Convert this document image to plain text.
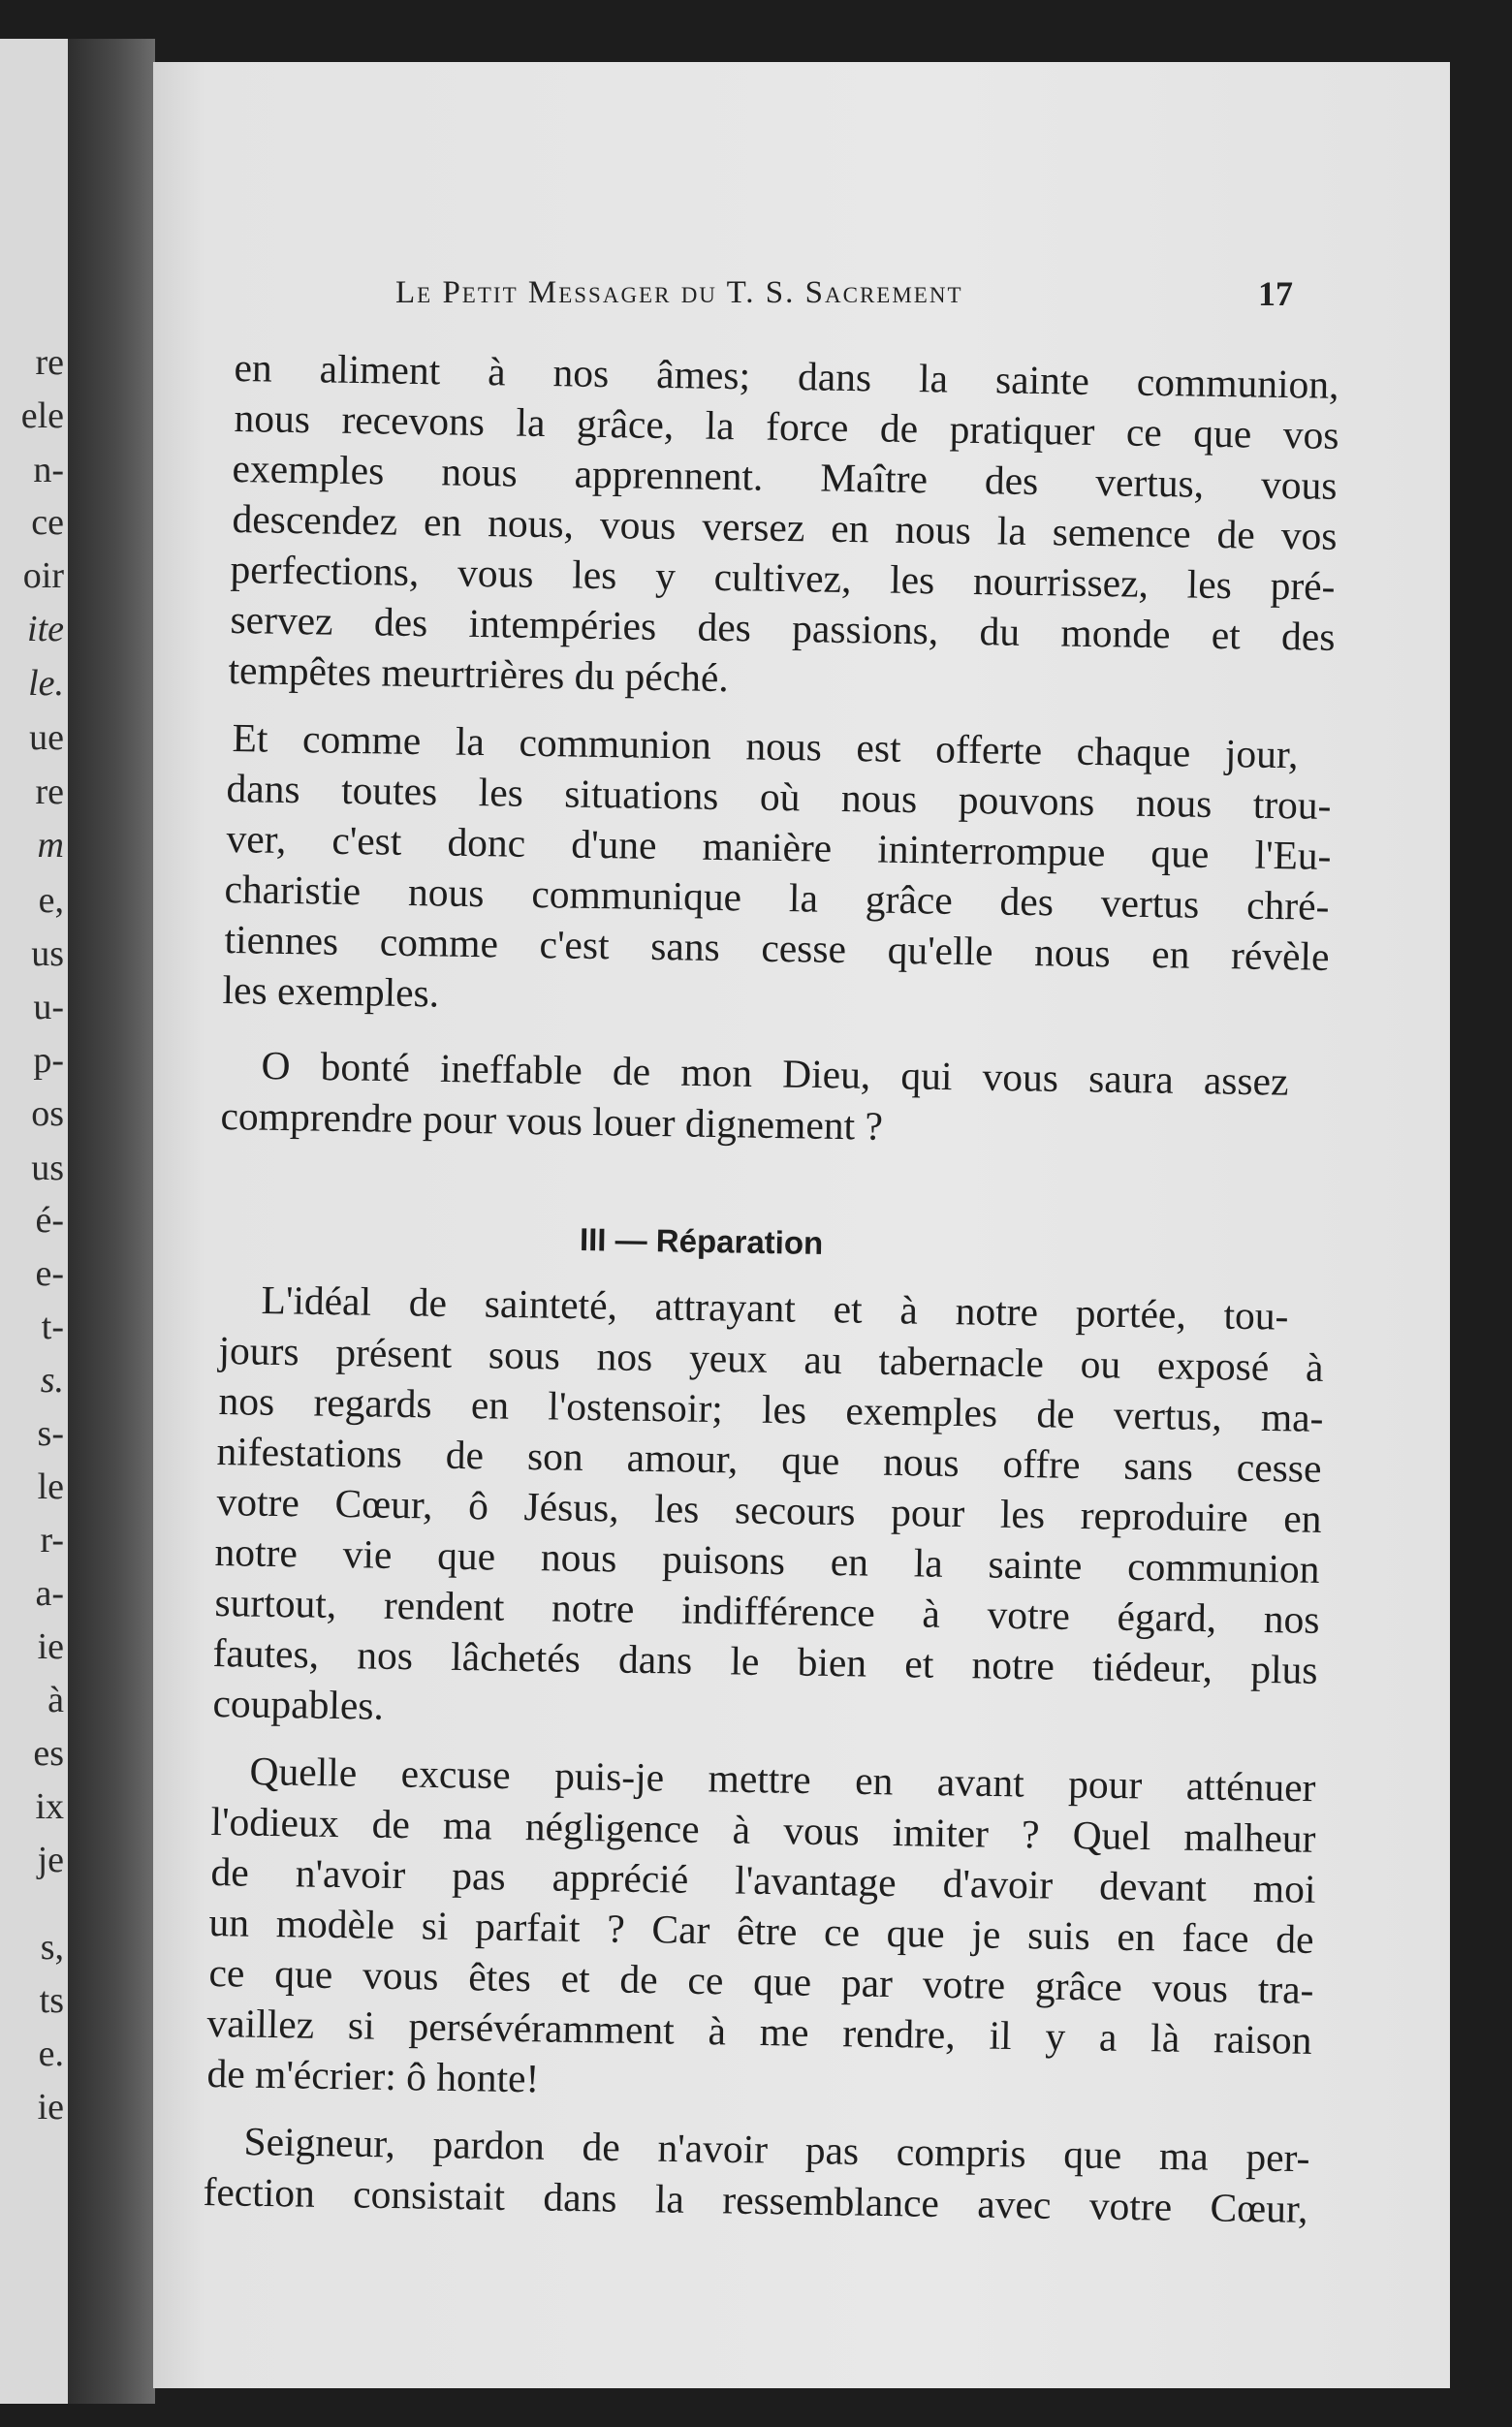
re
ele
n-
ce
oir
ite
le.
ue
re
m
e,
us
u-
p-
os
us
é-
e-
t-
s.
s-
le
r-
a-
ie
à
es
ix
je
s,
ts
e.
ie
Le Petit Messager du T. S. Sacrement	17
en aliment à nos âmes; dans la sainte communion,
nous recevons la grâce, la force de pratiquer ce que vos
exemples nous apprennent. Maître des vertus, vous
descendez en nous, vous versez en nous la semence de vos
perfections, vous les y cultivez, les nourrissez, les pré-
servez des intempéries des passions, du monde et des
tempêtes meurtrières du péché.
Et comme la communion nous est offerte chaque jour,
dans toutes les situations où nous pouvons nous trou-
ver, c'est donc d'une manière ininterrompue que l'Eu-
charistie nous communique la grâce des vertus chré-
tiennes comme c'est sans cesse qu'elle nous en révèle
les exemples.
O bonté ineffable de mon Dieu, qui vous saura assez
comprendre pour vous louer dignement ?
III — Réparation
L'idéal de sainteté, attrayant et à notre portée, tou-
jours présent sous nos yeux au tabernacle ou exposé à
nos regards en l'ostensoir; les exemples de vertus, ma-
nifestations de son amour, que nous offre sans cesse
votre Cœur, ô Jésus, les secours pour les reproduire en
notre vie que nous puisons en la sainte communion
surtout, rendent notre indifférence à votre égard, nos
fautes, nos lâchetés dans le bien et notre tiédeur, plus
coupables.
Quelle excuse puis-je mettre en avant pour atténuer
l'odieux de ma négligence à vous imiter ? Quel malheur
de n'avoir pas apprécié l'avantage d'avoir devant moi
un modèle si parfait ? Car être ce que je suis en face de
ce que vous êtes et de ce que par votre grâce vous tra-
vaillez si persévéramment à me rendre, il y a là raison
de m'écrier: ô honte!
Seigneur, pardon de n'avoir pas compris que ma per-
fection consistait dans la ressemblance avec votre Cœur,
